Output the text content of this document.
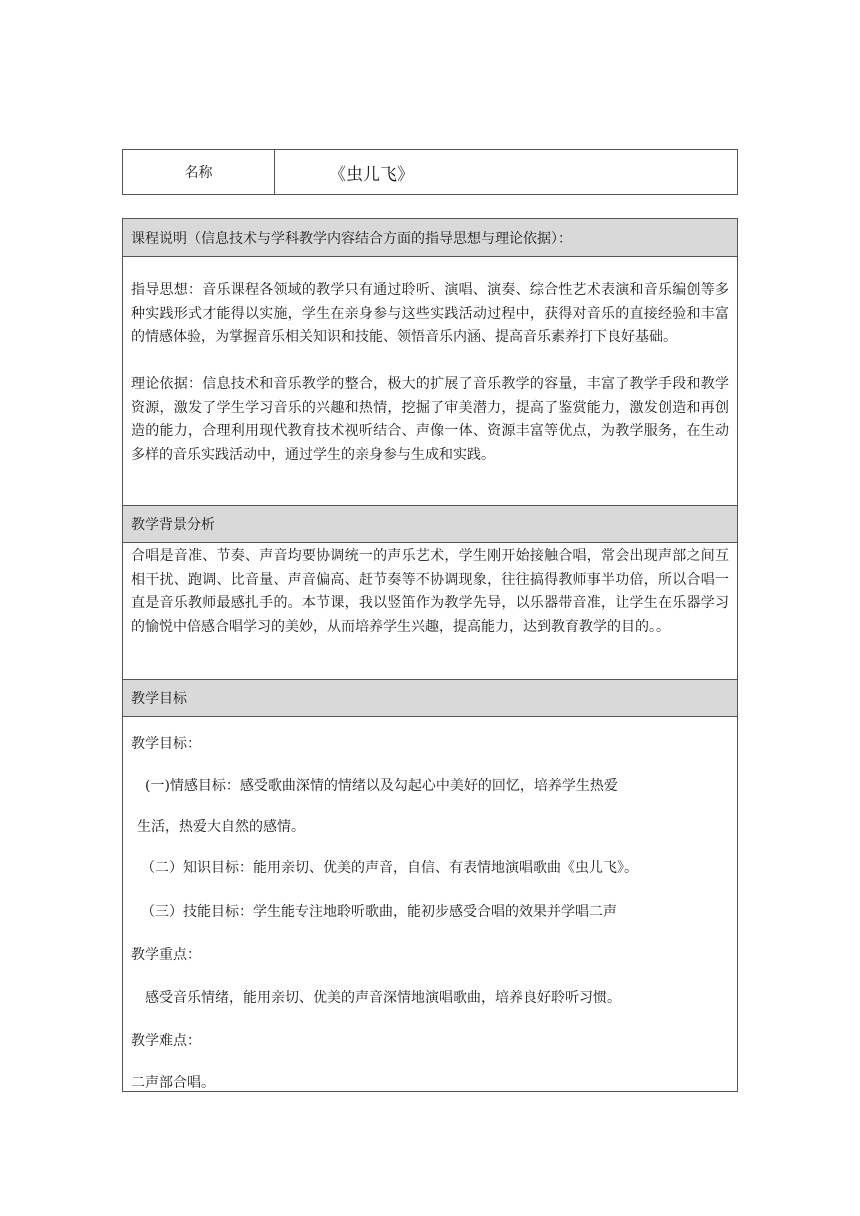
名称	《虫儿飞》
课程说明（信息技术与学科教学内容结合方面的指导思想与理论依据）：

指导思想：音乐课程各领域的教学只有通过聆听、演唱、演奏、综合性艺术表演和音乐编创等多种实践形式才能得以实施，学生在亲身参与这些实践活动过程中，获得对音乐的直接经验和丰富的情感体验，为掌握音乐相关知识和技能、领悟音乐内涵、提高音乐素养打下良好基础。

理论依据：信息技术和音乐教学的整合，极大的扩展了音乐教学的容量，丰富了教学手段和教学资源，激发了学生学习音乐的兴趣和热情，挖掘了审美潜力，提高了鉴赏能力，激发创造和再创造的能力，合理利用现代教育技术视听结合、声像一体、资源丰富等优点，为教学服务，在生动多样的音乐实践活动中，通过学生的亲身参与生成和实践。

教学背景分析

合唱是音准、节奏、声音均要协调统一的声乐艺术，学生刚开始接触合唱，常会出现声部之间互相干扰、跑调、比音量、声音偏高、赶节奏等不协调现象，往往搞得教师事半功倍，所以合唱一直是音乐教师最感扎手的。本节课，我以竖笛作为教学先导，以乐器带音准，让学生在乐器学习的愉悦中倍感合唱学习的美妙，从而培养学生兴趣，提高能力，达到教育教学的目的。。

教学目标
教学目标：
(一)情感目标：感受歌曲深情的情绪以及勾起心中美好的回忆，培养学生热爱
生活，热爱大自然的感情。
（二）知识目标：能用亲切、优美的声音，自信、有表情地演唱歌曲《虫儿飞》。
（三）技能目标：学生能专注地聆听歌曲，能初步感受合唱的效果并学唱二声
教学重点：
感受音乐情绪，能用亲切、优美的声音深情地演唱歌曲，培养良好聆听习惯。
教学难点：
二声部合唱。
